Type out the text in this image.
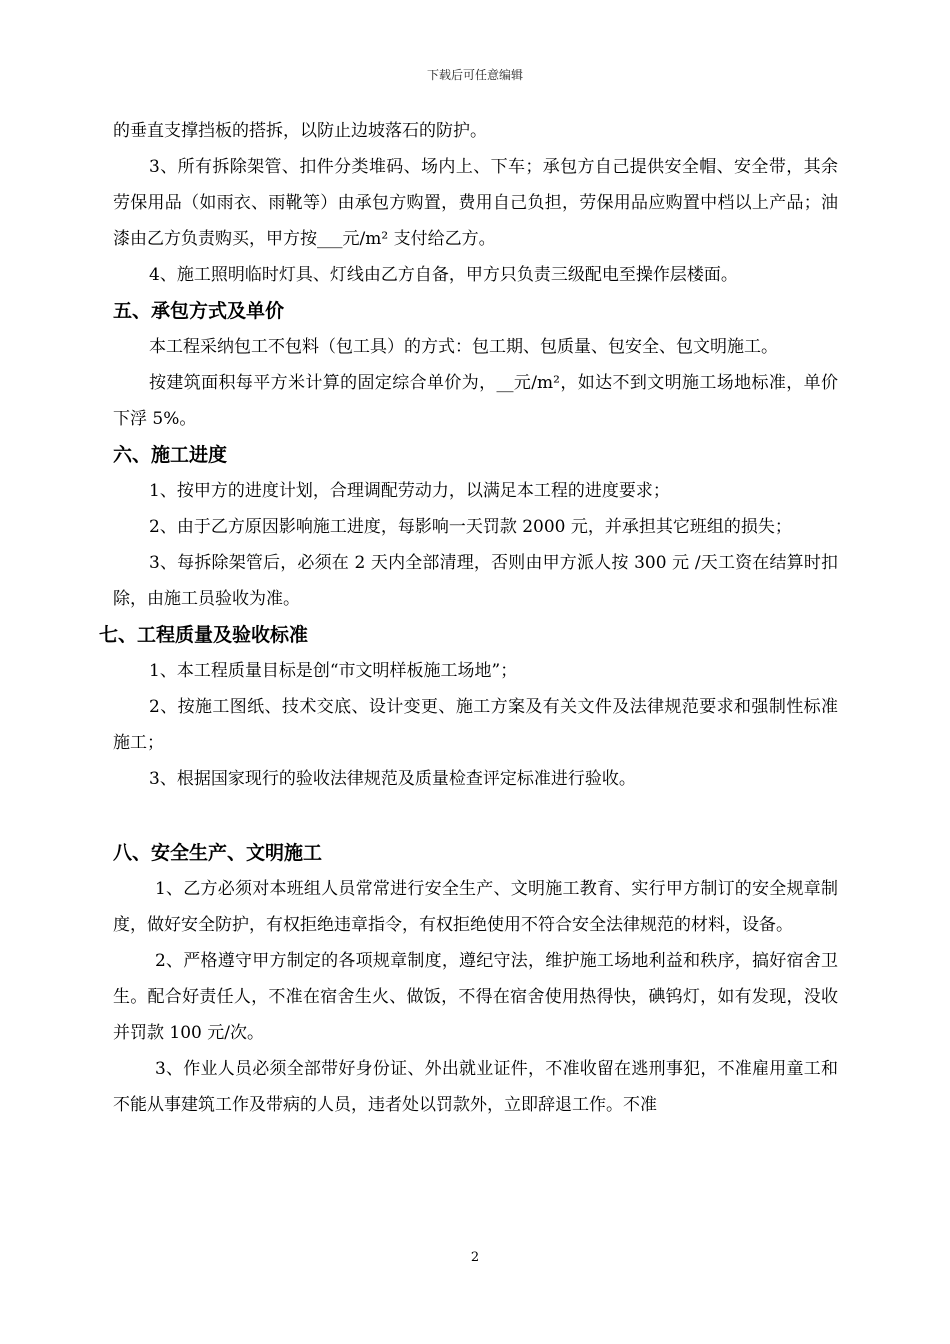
下载后可任意编辑

的垂直支撑挡板的搭拆，以防止边坡落石的防护。

3、所有拆除架管、扣件分类堆码、场内上、下车；承包方自己提供安全帽、安全带，其余劳保用品（如雨衣、雨靴等）由承包方购置，费用自己负担，劳保用品应购置中档以上产品；油漆由乙方负责购买，甲方按___元/m² 支付给乙方。

4、施工照明临时灯具、灯线由乙方自备，甲方只负责三级配电至操作层楼面。

五、承包方式及单价

本工程采纳包工不包料（包工具）的方式：包工期、包质量、包安全、包文明施工。

按建筑面积每平方米计算的固定综合单价为，__元/m²，如达不到文明施工场地标准，单价下浮 5%。

六、施工进度

1、按甲方的进度计划，合理调配劳动力，以满足本工程的进度要求；

2、由于乙方原因影响施工进度，每影响一天罚款 2000 元，并承担其它班组的损失；

3、每拆除架管后，必须在 2 天内全部清理，否则由甲方派人按 300 元 /天工资在结算时扣除，由施工员验收为准。

七、工程质量及验收标准

1、本工程质量目标是创“市文明样板施工场地”；

2、按施工图纸、技术交底、设计变更、施工方案及有关文件及法律规范要求和强制性标准施工；

3、根据国家现行的验收法律规范及质量检查评定标准进行验收。

八、安全生产、文明施工

1、乙方必须对本班组人员常常进行安全生产、文明施工教育、实行甲方制订的安全规章制度，做好安全防护，有权拒绝违章指令，有权拒绝使用不符合安全法律规范的材料，设备。

2、严格遵守甲方制定的各项规章制度，遵纪守法，维护施工场地利益和秩序，搞好宿舍卫生。配合好责任人，不准在宿舍生火、做饭，不得在宿舍使用热得快，碘钨灯，如有发现，没收并罚款 100 元/次。

3、作业人员必须全部带好身份证、外出就业证件，不准收留在逃刑事犯，不准雇用童工和不能从事建筑工作及带病的人员，违者处以罚款外，立即辞退工作。不准

2
